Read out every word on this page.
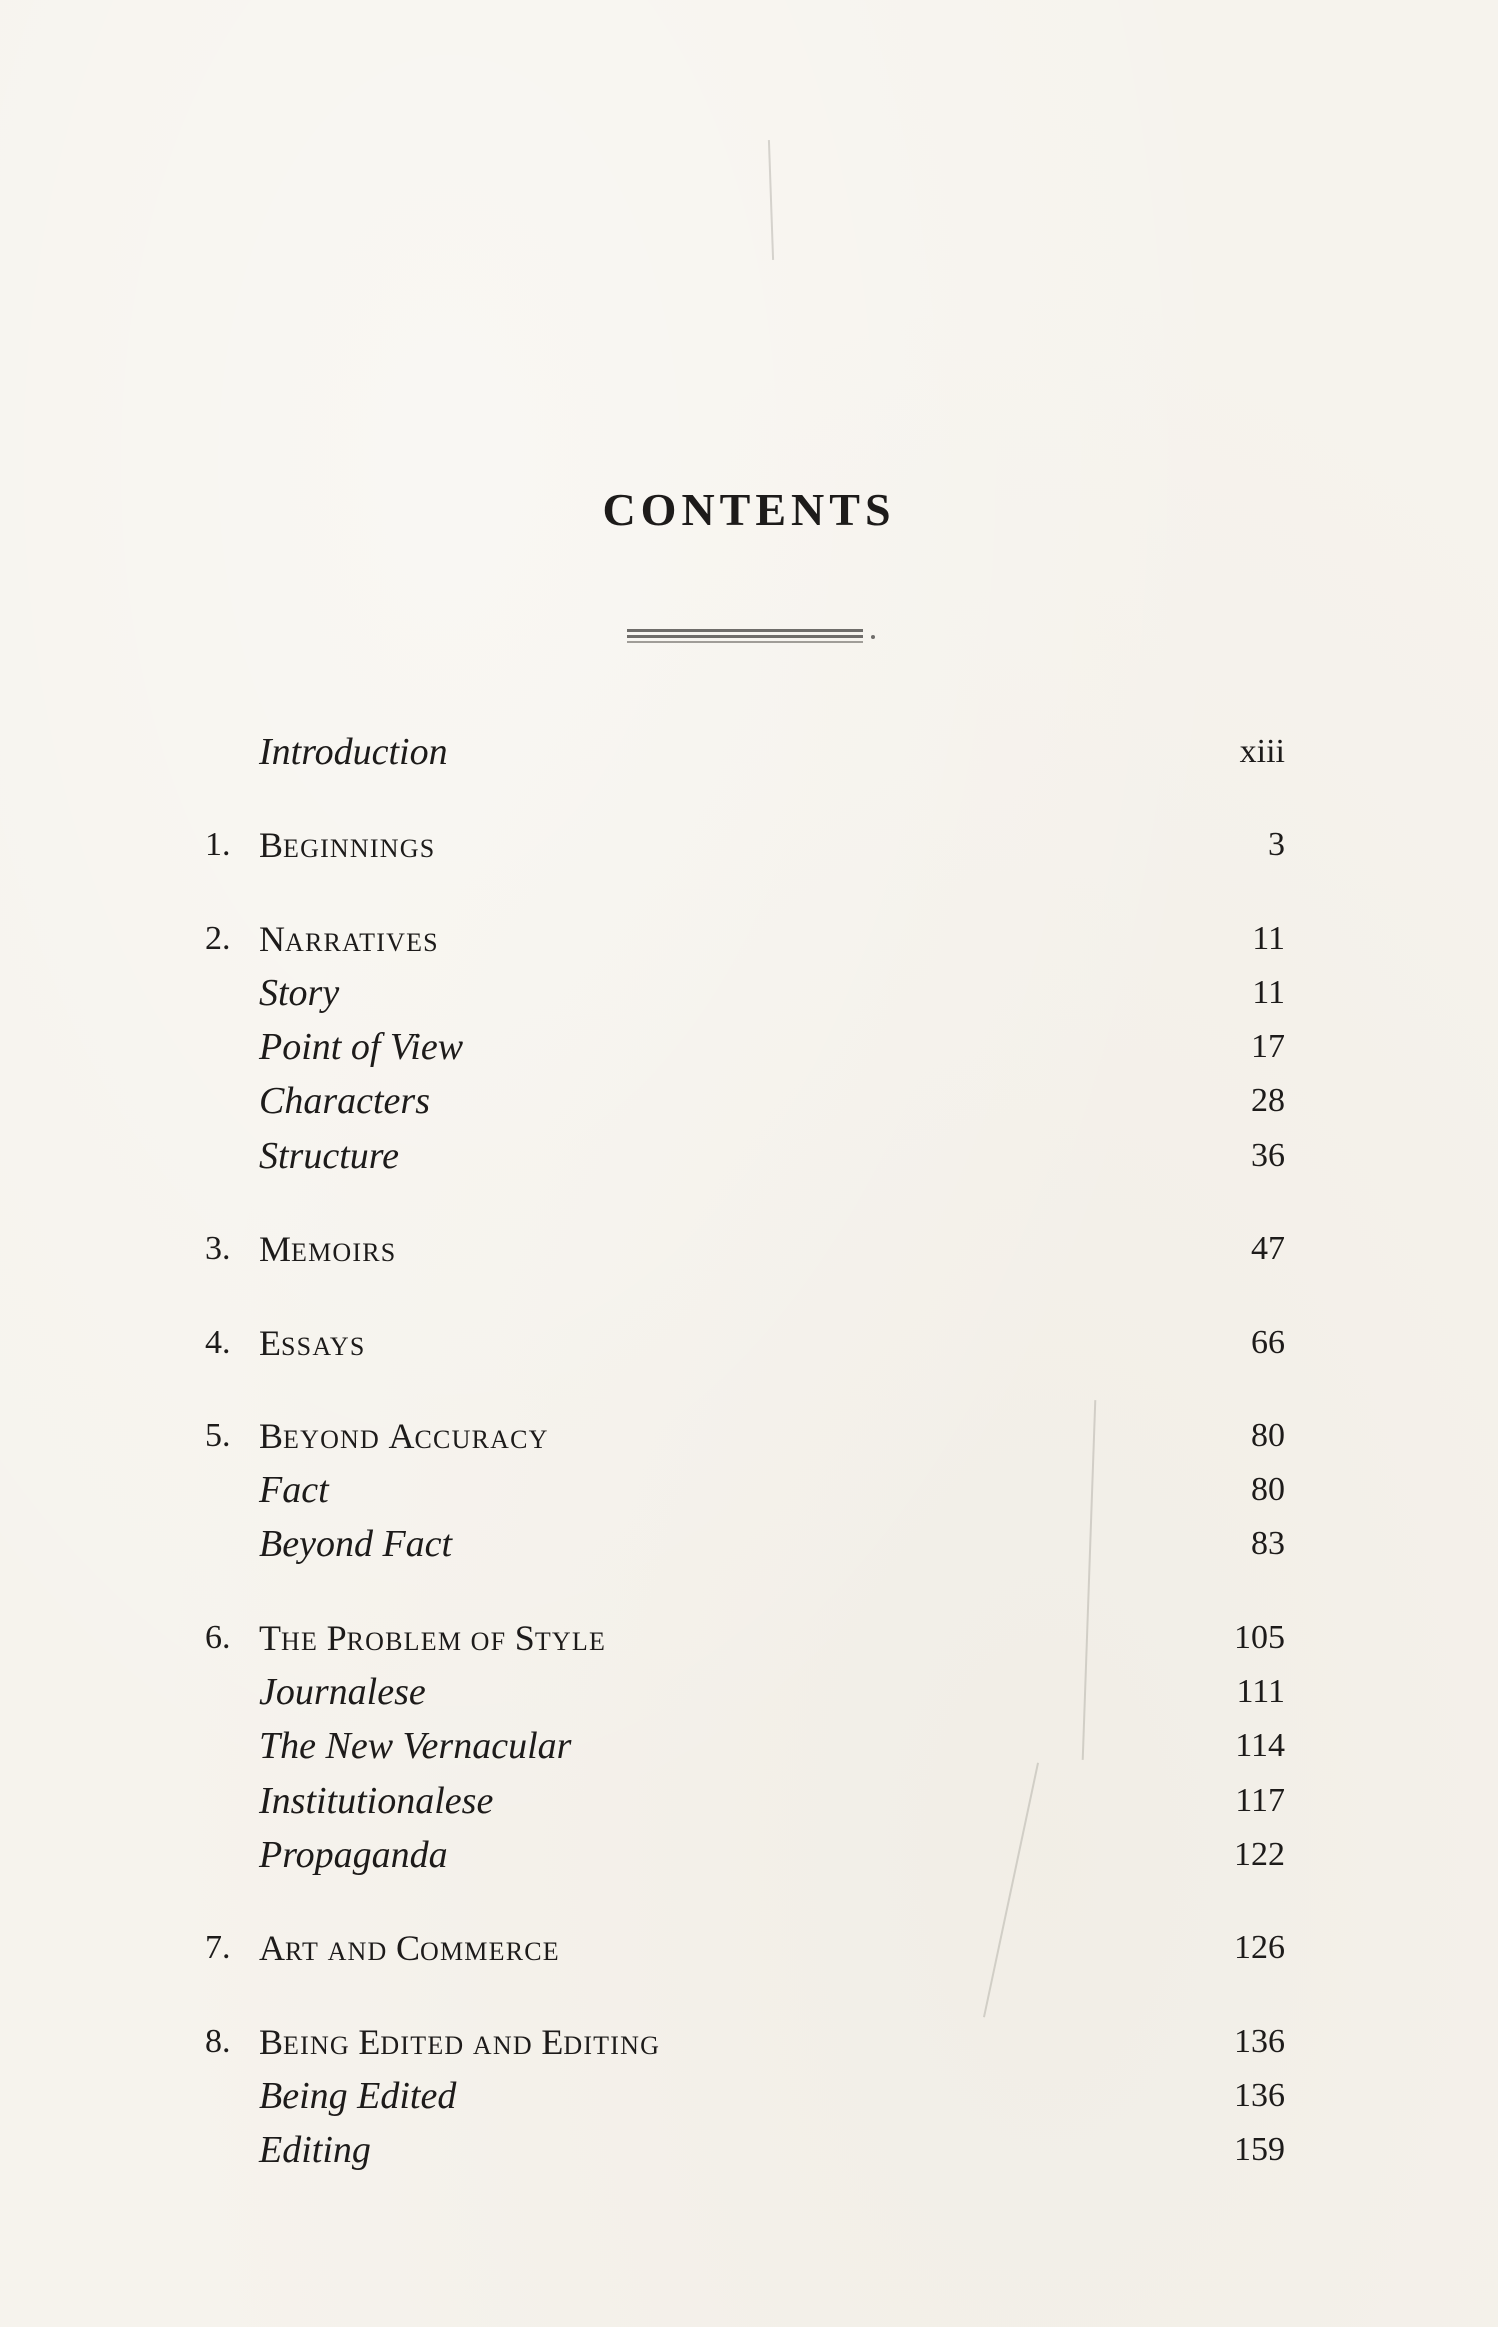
CONTENTS
Introduction	xiii
1. BEGINNINGS	3
2. NARRATIVES	11
Story	11
Point of View	17
Characters	28
Structure	36
3. MEMOIRS	47
4. ESSAYS	66
5. BEYOND ACCURACY	80
Fact	80
Beyond Fact	83
6. THE PROBLEM OF STYLE	105
Journalese	111
The New Vernacular	114
Institutionalese	117
Propaganda	122
7. ART AND COMMERCE	126
8. BEING EDITED AND EDITING	136
Being Edited	136
Editing	159
